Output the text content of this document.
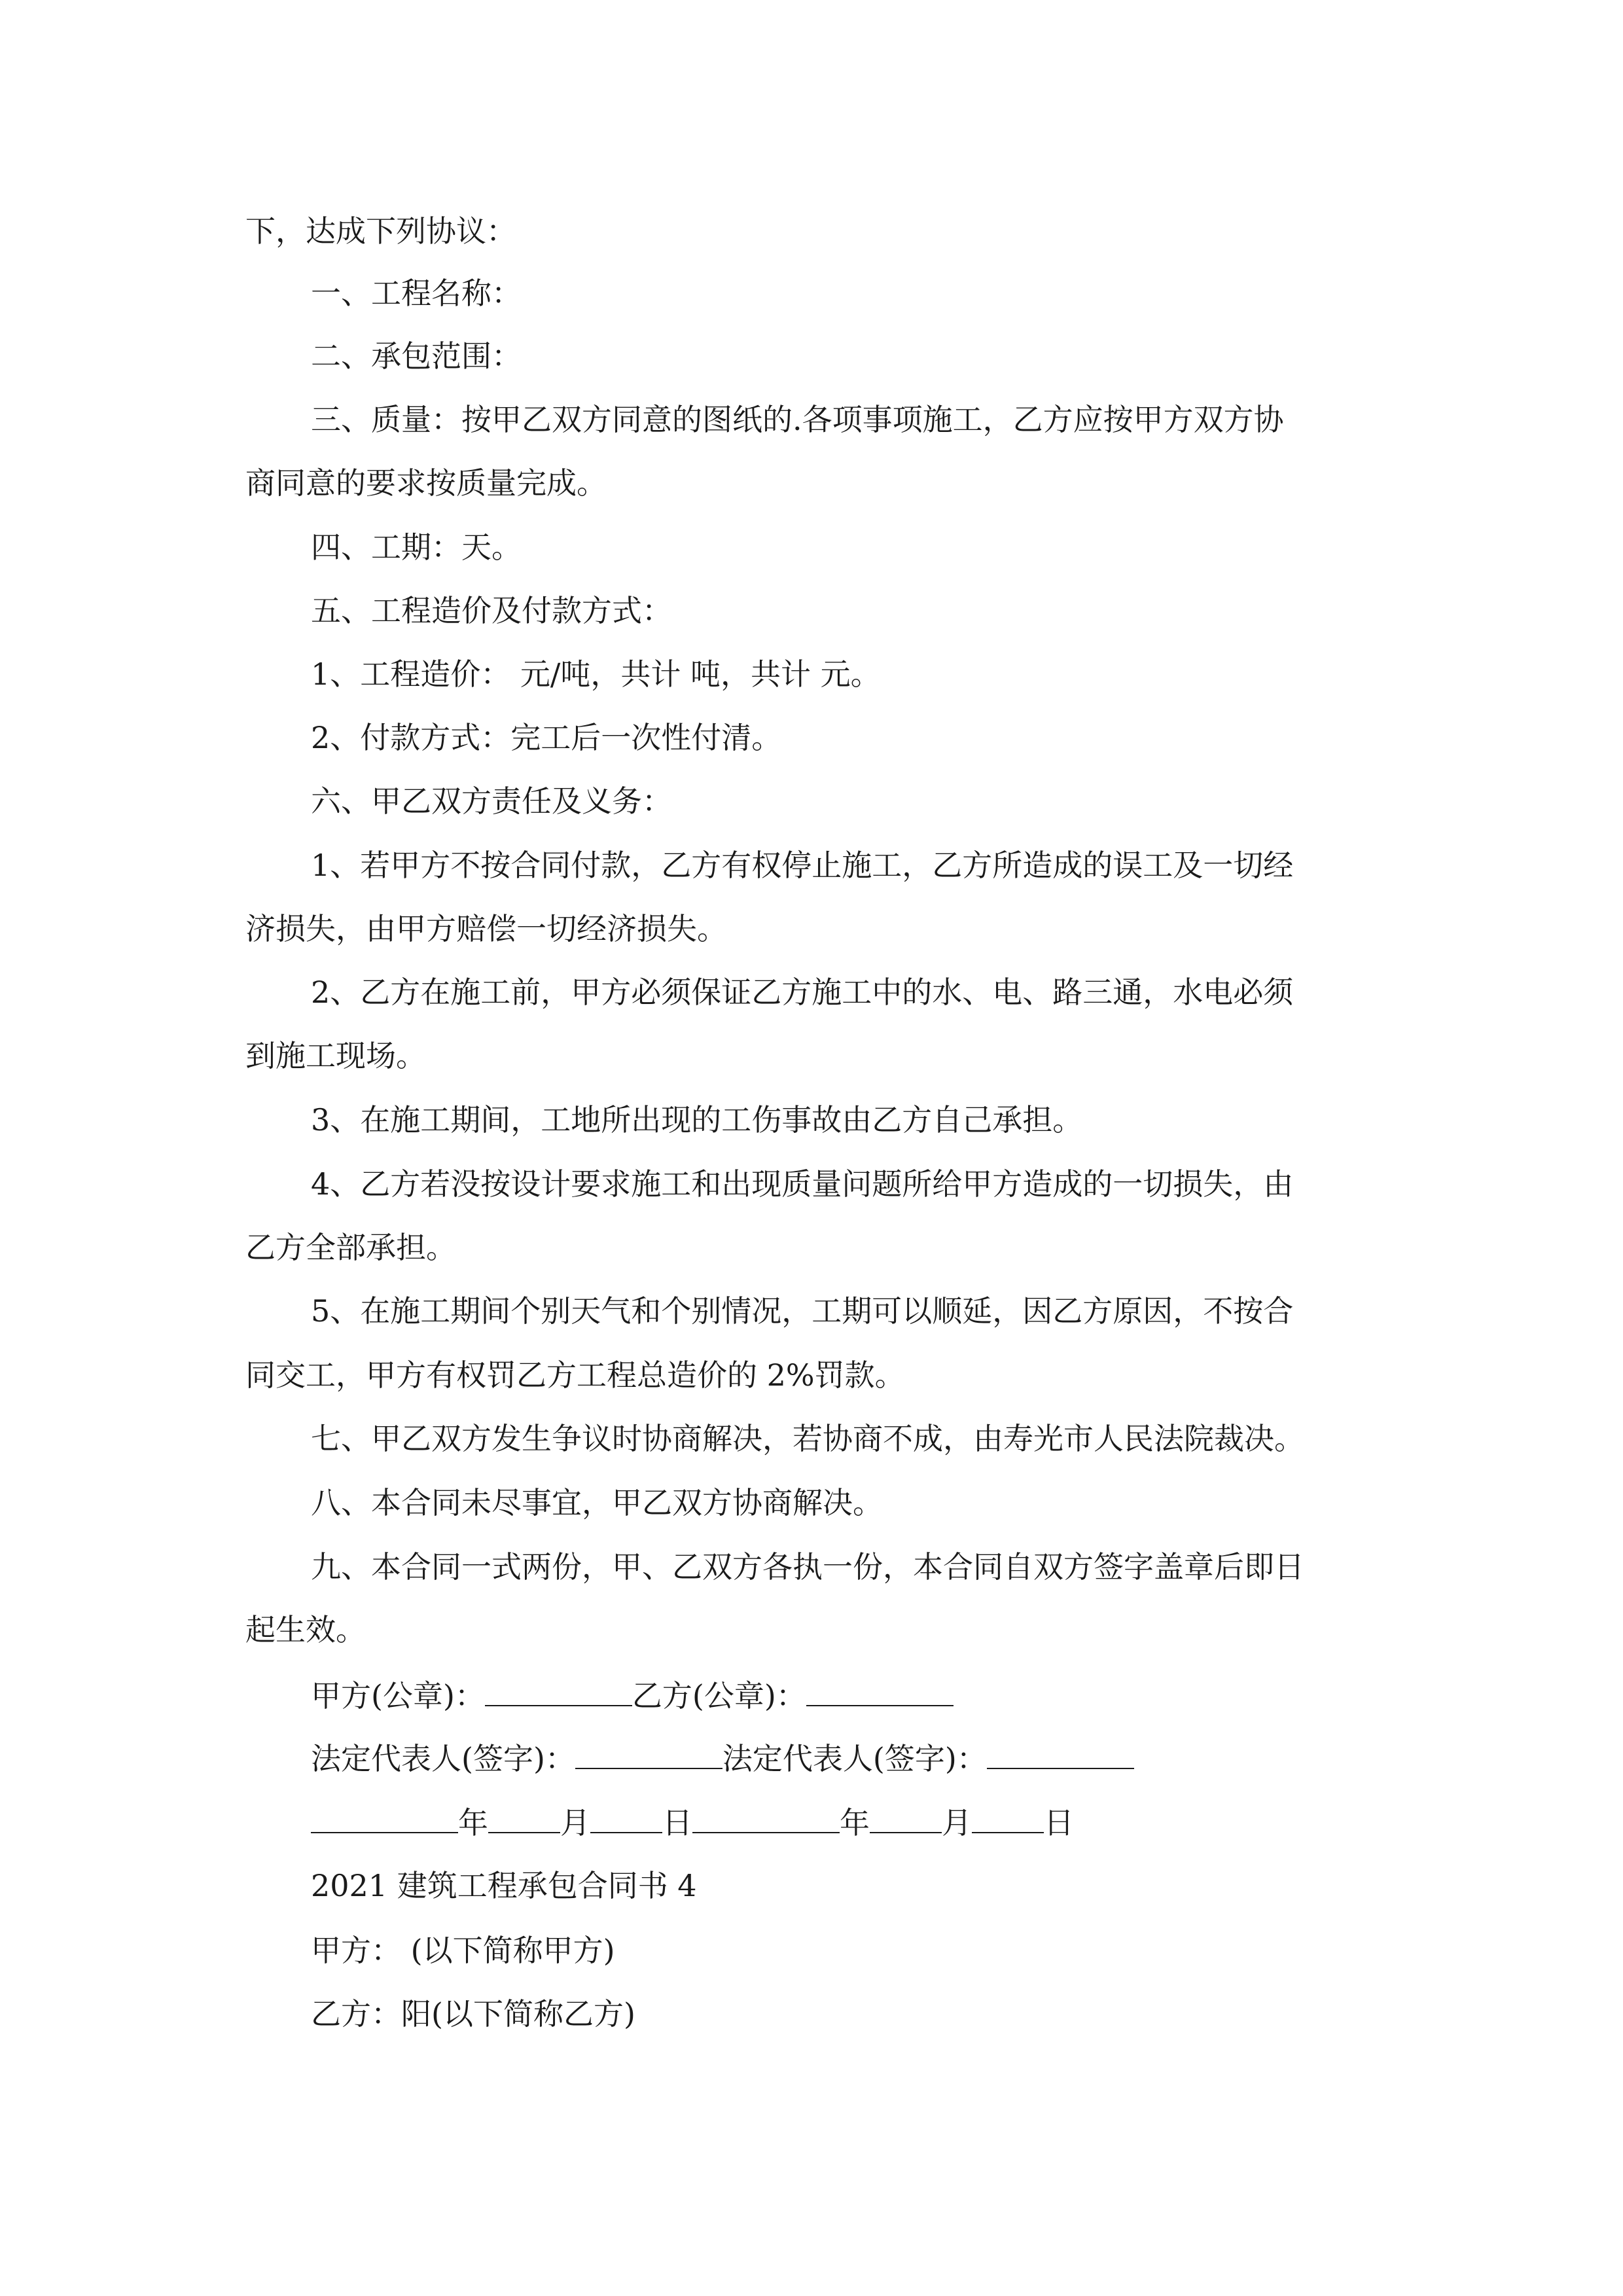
下，达成下列协议：
一、工程名称：
二、承包范围：
三、质量：按甲乙双方同意的图纸的.各项事项施工，乙方应按甲方双方协
商同意的要求按质量完成。
四、工期：天。
五、工程造价及付款方式：
1、工程造价： 元/吨，共计 吨，共计 元。
2、付款方式：完工后一次性付清。
六、甲乙双方责任及义务：
1、若甲方不按合同付款，乙方有权停止施工，乙方所造成的误工及一切经
济损失，由甲方赔偿一切经济损失。
2、乙方在施工前，甲方必须保证乙方施工中的水、电、路三通，水电必须
到施工现场。
3、在施工期间，工地所出现的工伤事故由乙方自己承担。
4、乙方若没按设计要求施工和出现质量问题所给甲方造成的一切损失，由
乙方全部承担。
5、在施工期间个别天气和个别情况，工期可以顺延，因乙方原因，不按合
同交工，甲方有权罚乙方工程总造价的 2%罚款。
七、甲乙双方发生争议时协商解决，若协商不成，由寿光市人民法院裁决。
八、本合同未尽事宜，甲乙双方协商解决。
九、本合同一式两份，甲、乙双方各执一份，本合同自双方签字盖章后即日
起生效。
甲方(公章)：	乙方(公章)：
法定代表人(签字)：	法定代表人(签字)：
年 月 日	年 月 日
2021 建筑工程承包合同书 4
甲方： (以下简称甲方)
乙方：阳(以下简称乙方)
